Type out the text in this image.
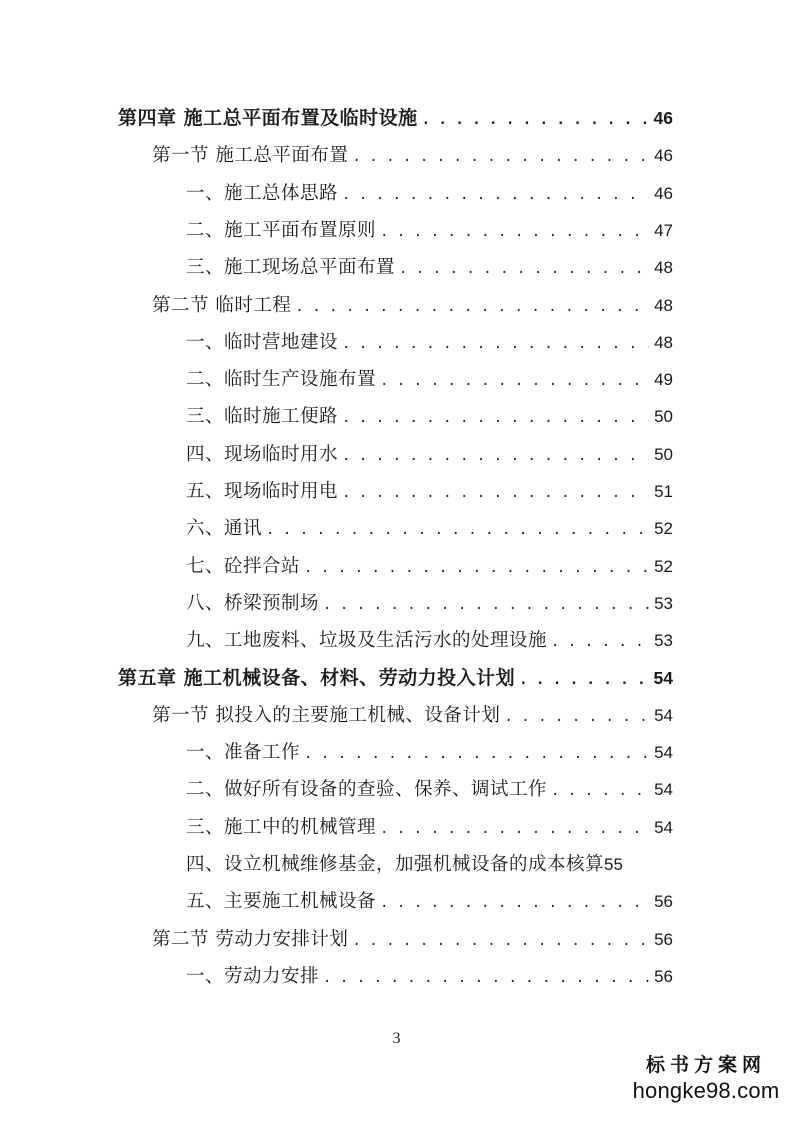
第四章 施工总平面布置及临时设施 . . .	46
第一节 施工总平面布置 . . .	46
一、施工总体思路 . . .	46
二、施工平面布置原则 . . .	47
三、施工现场总平面布置 . . .	48
第二节 临时工程 . . .	48
一、临时营地建设 . . .	48
二、临时生产设施布置 . . .	49
三、临时施工便路 . . .	50
四、现场临时用水 . . .	50
五、现场临时用电 . . .	51
六、通讯 . . .	52
七、砼拌合站 . . .	52
八、桥梁预制场 . . .	53
九、工地废料、垃圾及生活污水的处理设施 . . .	53
第五章 施工机械设备、材料、劳动力投入计划 . . .	54
第一节 拟投入的主要施工机械、设备计划 . . .	54
一、准备工作 . . .	54
二、做好所有设备的查验、保养、调试工作 . . .	54
三、施工中的机械管理 . . .	54
四、设立机械维修基金，加强机械设备的成本核算 55
五、主要施工机械设备 . . .	56
第二节 劳动力安排计划 . . .	56
一、劳动力安排 . . .	56
3
标书方案网
hongke98.com
